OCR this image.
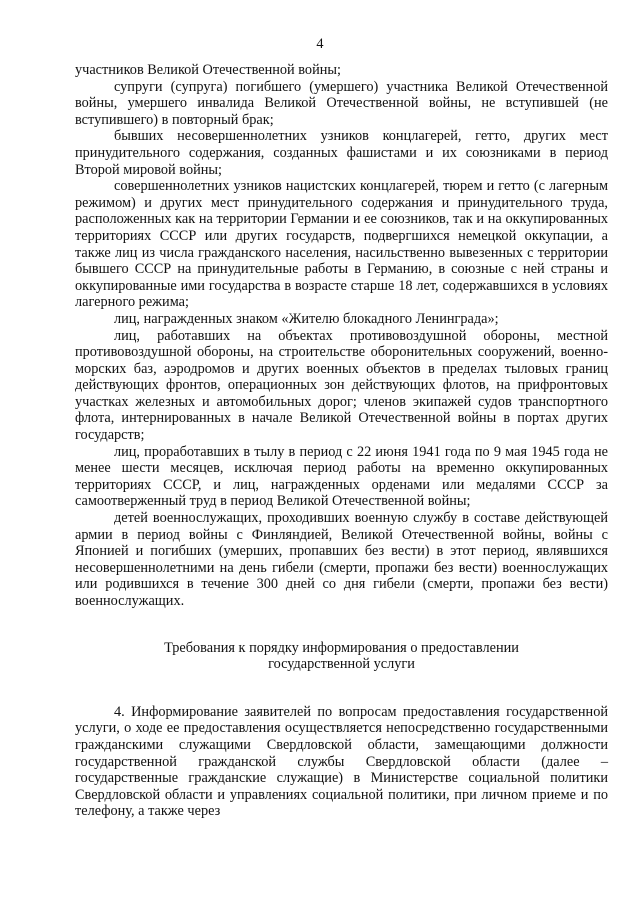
4

участников Великой Отечественной войны;

супруги (супруга) погибшего (умершего) участника Великой Отечественной войны, умершего инвалида Великой Отечественной войны, не вступившей (не вступившего) в повторный брак;

бывших несовершеннолетних узников концлагерей, гетто, других мест принудительного содержания, созданных фашистами и их союзниками в период Второй мировой войны;

совершеннолетних узников нацистских концлагерей, тюрем и гетто (с лагерным режимом) и других мест принудительного содержания и принудительного труда, расположенных как на территории Германии и ее союзников, так и на оккупированных территориях СССР или других государств, подвергшихся немецкой оккупации, а также лиц из числа гражданского населения, насильственно вывезенных с территории бывшего СССР на принудительные работы в Германию, в союзные с ней страны и оккупированные ими государства в возрасте старше 18 лет, содержавшихся в условиях лагерного режима;

лиц, награжденных знаком «Жителю блокадного Ленинграда»;

лиц, работавших на объектах противовоздушной обороны, местной противовоздушной обороны, на строительстве оборонительных сооружений, военно-морских баз, аэродромов и других военных объектов в пределах тыловых границ действующих фронтов, операционных зон действующих флотов, на прифронтовых участках железных и автомобильных дорог; членов экипажей судов транспортного флота, интернированных в начале Великой Отечественной войны в портах других государств;

лиц, проработавших в тылу в период с 22 июня 1941 года по 9 мая 1945 года не менее шести месяцев, исключая период работы на временно оккупированных территориях СССР, и лиц, награжденных орденами или медалями СССР за самоотверженный труд в период Великой Отечественной войны;

детей военнослужащих, проходивших военную службу в составе действующей армии в период войны с Финляндией, Великой Отечественной войны, войны с Японией и погибших (умерших, пропавших без вести) в этот период, являвшихся несовершеннолетними на день гибели (смерти, пропажи без вести) военнослужащих или родившихся в течение 300 дней со дня гибели (смерти, пропажи без вести) военнослужащих.

Требования к порядку информирования о предоставлении
государственной услуги

4. Информирование заявителей по вопросам предоставления государственной услуги, о ходе ее предоставления осуществляется непосредственно государственными гражданскими служащими Свердловской области, замещающими должности государственной гражданской службы Свердловской области (далее – государственные гражданские служащие) в Министерстве социальной политики Свердловской области и управлениях социальной политики, при личном приеме и по телефону, а также через
